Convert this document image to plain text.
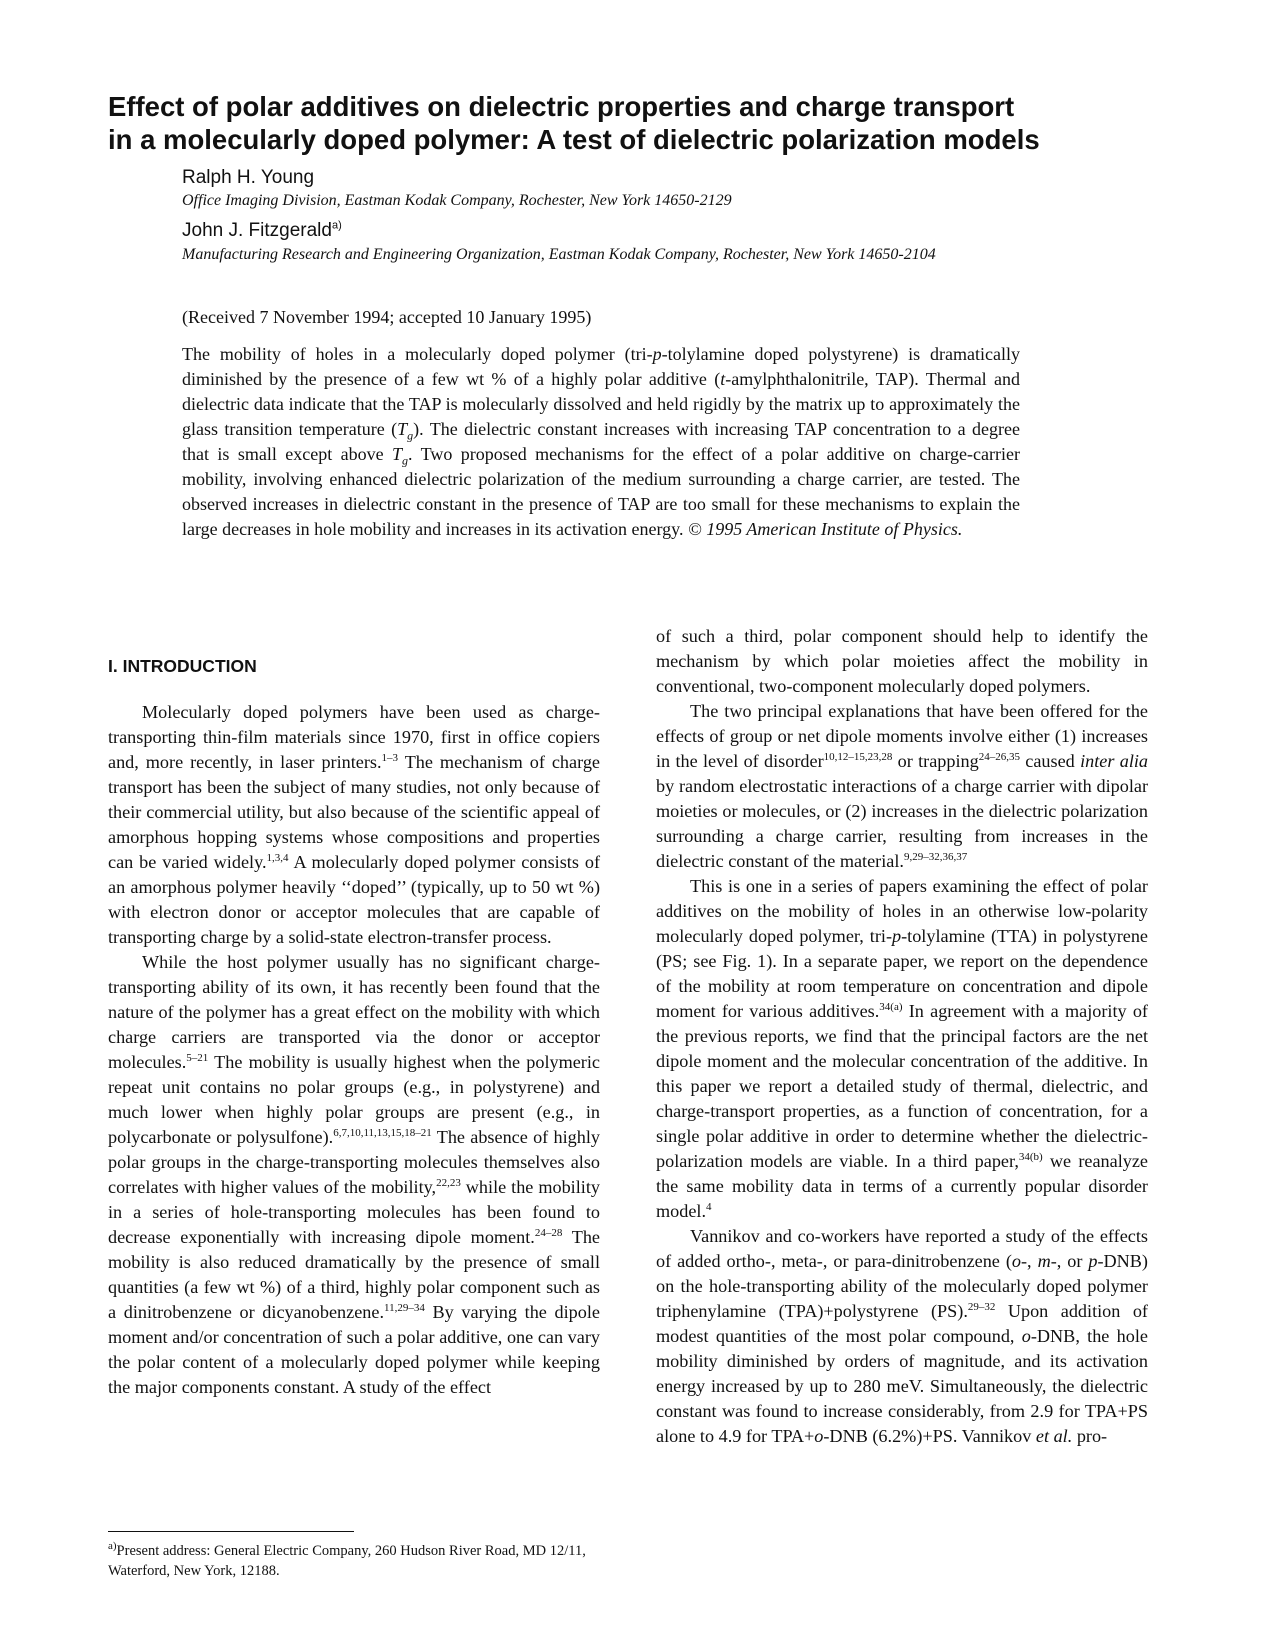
Effect of polar additives on dielectric properties and charge transport
in a molecularly doped polymer: A test of dielectric polarization models
Ralph H. Young
Office Imaging Division, Eastman Kodak Company, Rochester, New York 14650-2129
John J. Fitzgerald$^{a)}$
Manufacturing Research and Engineering Organization, Eastman Kodak Company, Rochester, New York 14650-2104
(Received 7 November 1994; accepted 10 January 1995)

The mobility of holes in a molecularly doped polymer (tri-p-tolylamine doped polystyrene) is dramatically diminished by the presence of a few wt % of a highly polar additive (t-amylphthalonitrile, TAP). Thermal and dielectric data indicate that the TAP is molecularly dissolved and held rigidly by the matrix up to approximately the glass transition temperature $(T_g)$. The dielectric constant increases with increasing TAP concentration to a degree that is small except above $T_g$. Two proposed mechanisms for the effect of a polar additive on charge-carrier mobility, involving enhanced dielectric polarization of the medium surrounding a charge carrier, are tested. The observed increases in dielectric constant in the presence of TAP are too small for these mechanisms to explain the large decreases in hole mobility and increases in its activation energy. © 1995 American Institute of Physics.

I. INTRODUCTION

Molecularly doped polymers have been used as charge-transporting thin-film materials since 1970, first in office copiers and, more recently, in laser printers.$^{1-3}$ The mechanism of charge transport has been the subject of many studies, not only because of their commercial utility, but also because of the scientific appeal of amorphous hopping systems whose compositions and properties can be varied widely.$^{1,3,4}$ A molecularly doped polymer consists of an amorphous polymer heavily ‘‘doped’’ (typically, up to 50 wt %) with electron donor or acceptor molecules that are capable of transporting charge by a solid-state electron-transfer process.

While the host polymer usually has no significant charge-transporting ability of its own, it has recently been found that the nature of the polymer has a great effect on the mobility with which charge carriers are transported via the donor or acceptor molecules.$^{5-21}$ The mobility is usually highest when the polymeric repeat unit contains no polar groups (e.g., in polystyrene) and much lower when highly polar groups are present (e.g., in polycarbonate or polysulfone).$^{6,7,10,11,13,15,18-21}$ The absence of highly polar groups in the charge-transporting molecules themselves also correlates with higher values of the mobility,$^{22,23}$ while the mobility in a series of hole-transporting molecules has been found to decrease exponentially with increasing dipole moment.$^{24-28}$ The mobility is also reduced dramatically by the presence of small quantities (a few wt %) of a third, highly polar component such as a dinitrobenzene or dicyanobenzene.$^{11,29-34}$ By varying the dipole moment and/or concentration of such a polar additive, one can vary the polar content of a molecularly doped polymer while keeping the major components constant. A study of the effect

of such a third, polar component should help to identify the mechanism by which polar moieties affect the mobility in conventional, two-component molecularly doped polymers.

The two principal explanations that have been offered for the effects of group or net dipole moments involve either (1) increases in the level of disorder$^{10,12-15,23,28}$ or trapping$^{24-26,35}$ caused inter alia by random electrostatic interactions of a charge carrier with dipolar moieties or molecules, or (2) increases in the dielectric polarization surrounding a charge carrier, resulting from increases in the dielectric constant of the material.$^{9,29-32,36,37}$

This is one in a series of papers examining the effect of polar additives on the mobility of holes in an otherwise low-polarity molecularly doped polymer, tri-p-tolylamine (TTA) in polystyrene (PS; see Fig. 1). In a separate paper, we report on the dependence of the mobility at room temperature on concentration and dipole moment for various additives.$^{34(a)}$ In agreement with a majority of the previous reports, we find that the principal factors are the net dipole moment and the molecular concentration of the additive. In this paper we report a detailed study of thermal, dielectric, and charge-transport properties, as a function of concentration, for a single polar additive in order to determine whether the dielectric-polarization models are viable. In a third paper,$^{34(b)}$ we reanalyze the same mobility data in terms of a currently popular disorder model.$^4$

Vannikov and co-workers have reported a study of the effects of added ortho-, meta-, or para-dinitrobenzene (o-, m-, or p-DNB) on the hole-transporting ability of the molecularly doped polymer triphenylamine (TPA)+polystyrene (PS).$^{29-32}$ Upon addition of modest quantities of the most polar compound, o-DNB, the hole mobility diminished by orders of magnitude, and its activation energy increased by up to 280 meV. Simultaneously, the dielectric constant was found to increase considerably, from 2.9 for TPA+PS alone to 4.9 for TPA+o-DNB (6.2%)+PS. Vannikov et al. pro-

$^{a)}$Present address: General Electric Company, 260 Hudson River Road, MD 12/11, Waterford, New York, 12188.
